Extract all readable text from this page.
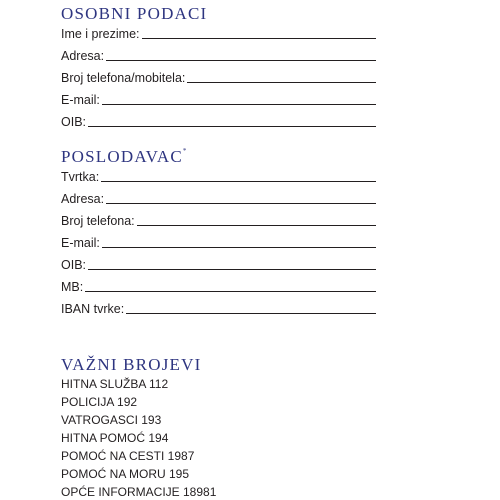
OSOBNI PODACI
Ime i prezime:
Adresa:
Broj telefona/mobitela:
E-mail:
OIB:
POSLODAVAC*
Tvrtka:
Adresa:
Broj telefona:
E-mail:
OIB:
MB:
IBAN tvrke:
VAŽNI BROJEVI
HITNA SLUŽBA 112
POLICIJA 192
VATROGASCI 193
HITNA POMOĆ 194
POMOĆ NA CESTI 1987
POMOĆ NA MORU 195
OPĆE INFORMACIJE 18981
